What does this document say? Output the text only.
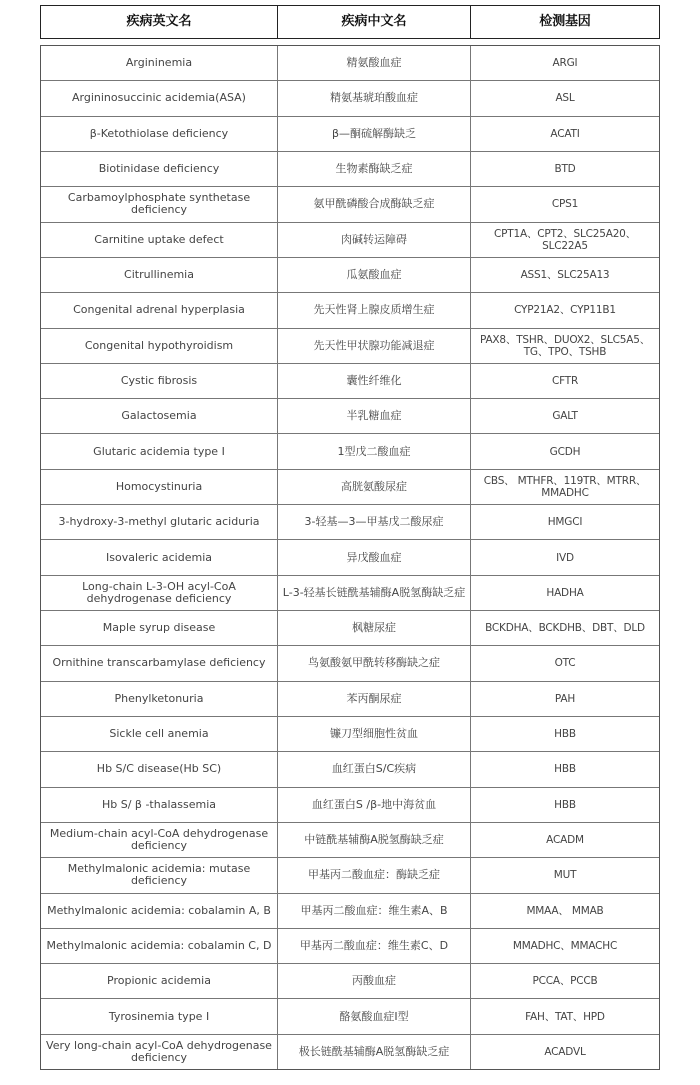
疾病英文名	疾病中文名	检测基因
Argininemia	精氨酸血症	ARGI
Argininosuccinic acidemia(ASA)	精氨基琥珀酸血症	ASL
β-Ketothiolase deficiency	β—酮硫解酶缺乏	ACATI
Biotinidase deficiency	生物素酶缺乏症	BTD
Carbamoylphosphate synthetase deficiency	氨甲酰磷酸合成酶缺乏症	CPS1
Carnitine uptake defect	肉碱转运障碍	CPT1A、CPT2、SLC25A20、SLC22A5
Citrullinemia	瓜氨酸血症	ASS1、SLC25A13
Congenital adrenal hyperplasia	先天性肾上腺皮质增生症	CYP21A2、CYP11B1
Congenital hypothyroidism	先天性甲状腺功能减退症	PAX8、TSHR、DUOX2、SLC5A5、TG、TPO、TSHB
Cystic fibrosis	囊性纤维化	CFTR
Galactosemia	半乳糖血症	GALT
Glutaric acidemia type I	1型戊二酸血症	GCDH
Homocystinuria	高胱氨酸尿症	CBS、 MTHFR、119TR、MTRR、MMADHC
3-hydroxy-3-methyl glutaric aciduria	3-轻基—3—甲基戊二酸尿症	HMGCI
Isovaleric acidemia	异戊酸血症	IVD
Long-chain L-3-OH acyl-CoA dehydrogenase deficiency	L-3-轻基长链酰基辅酶A脱氢酶缺乏症	HADHA
Maple syrup disease	枫糖尿症	BCKDHA、BCKDHB、DBT、DLD
Ornithine transcarbamylase deficiency	鸟氨酸氨甲酰转移酶缺之症	OTC
Phenylketonuria	苯丙酮尿症	PAH
Sickle cell anemia	镰刀型细胞性贫血	HBB
Hb S/C disease(Hb SC)	血红蛋白S/C疾病	HBB
Hb S/ β -thalassemia	血红蛋白S /β-地中海贫血	HBB
Medium-chain acyl-CoA dehydrogenase deficiency	中链酰基辅酶A脱氢酶缺乏症	ACADM
Methylmalonic acidemia: mutase deficiency	甲基丙二酸血症：酶缺乏症	MUT
Methylmalonic acidemia: cobalamin A, B	甲基丙二酸血症：维生素A、B	MMAA、 MMAB
Methylmalonic acidemia: cobalamin C, D	甲基丙二酸血症：维生素C、D	MMADHC、MMACHC
Propionic acidemia	丙酸血症	PCCA、PCCB
Tyrosinemia type I	酪氨酸血症I型	FAH、TAT、HPD
Very long-chain acyl-CoA dehydrogenase deficiency	极长链酰基辅酶A脱氢酶缺乏症	ACADVL
